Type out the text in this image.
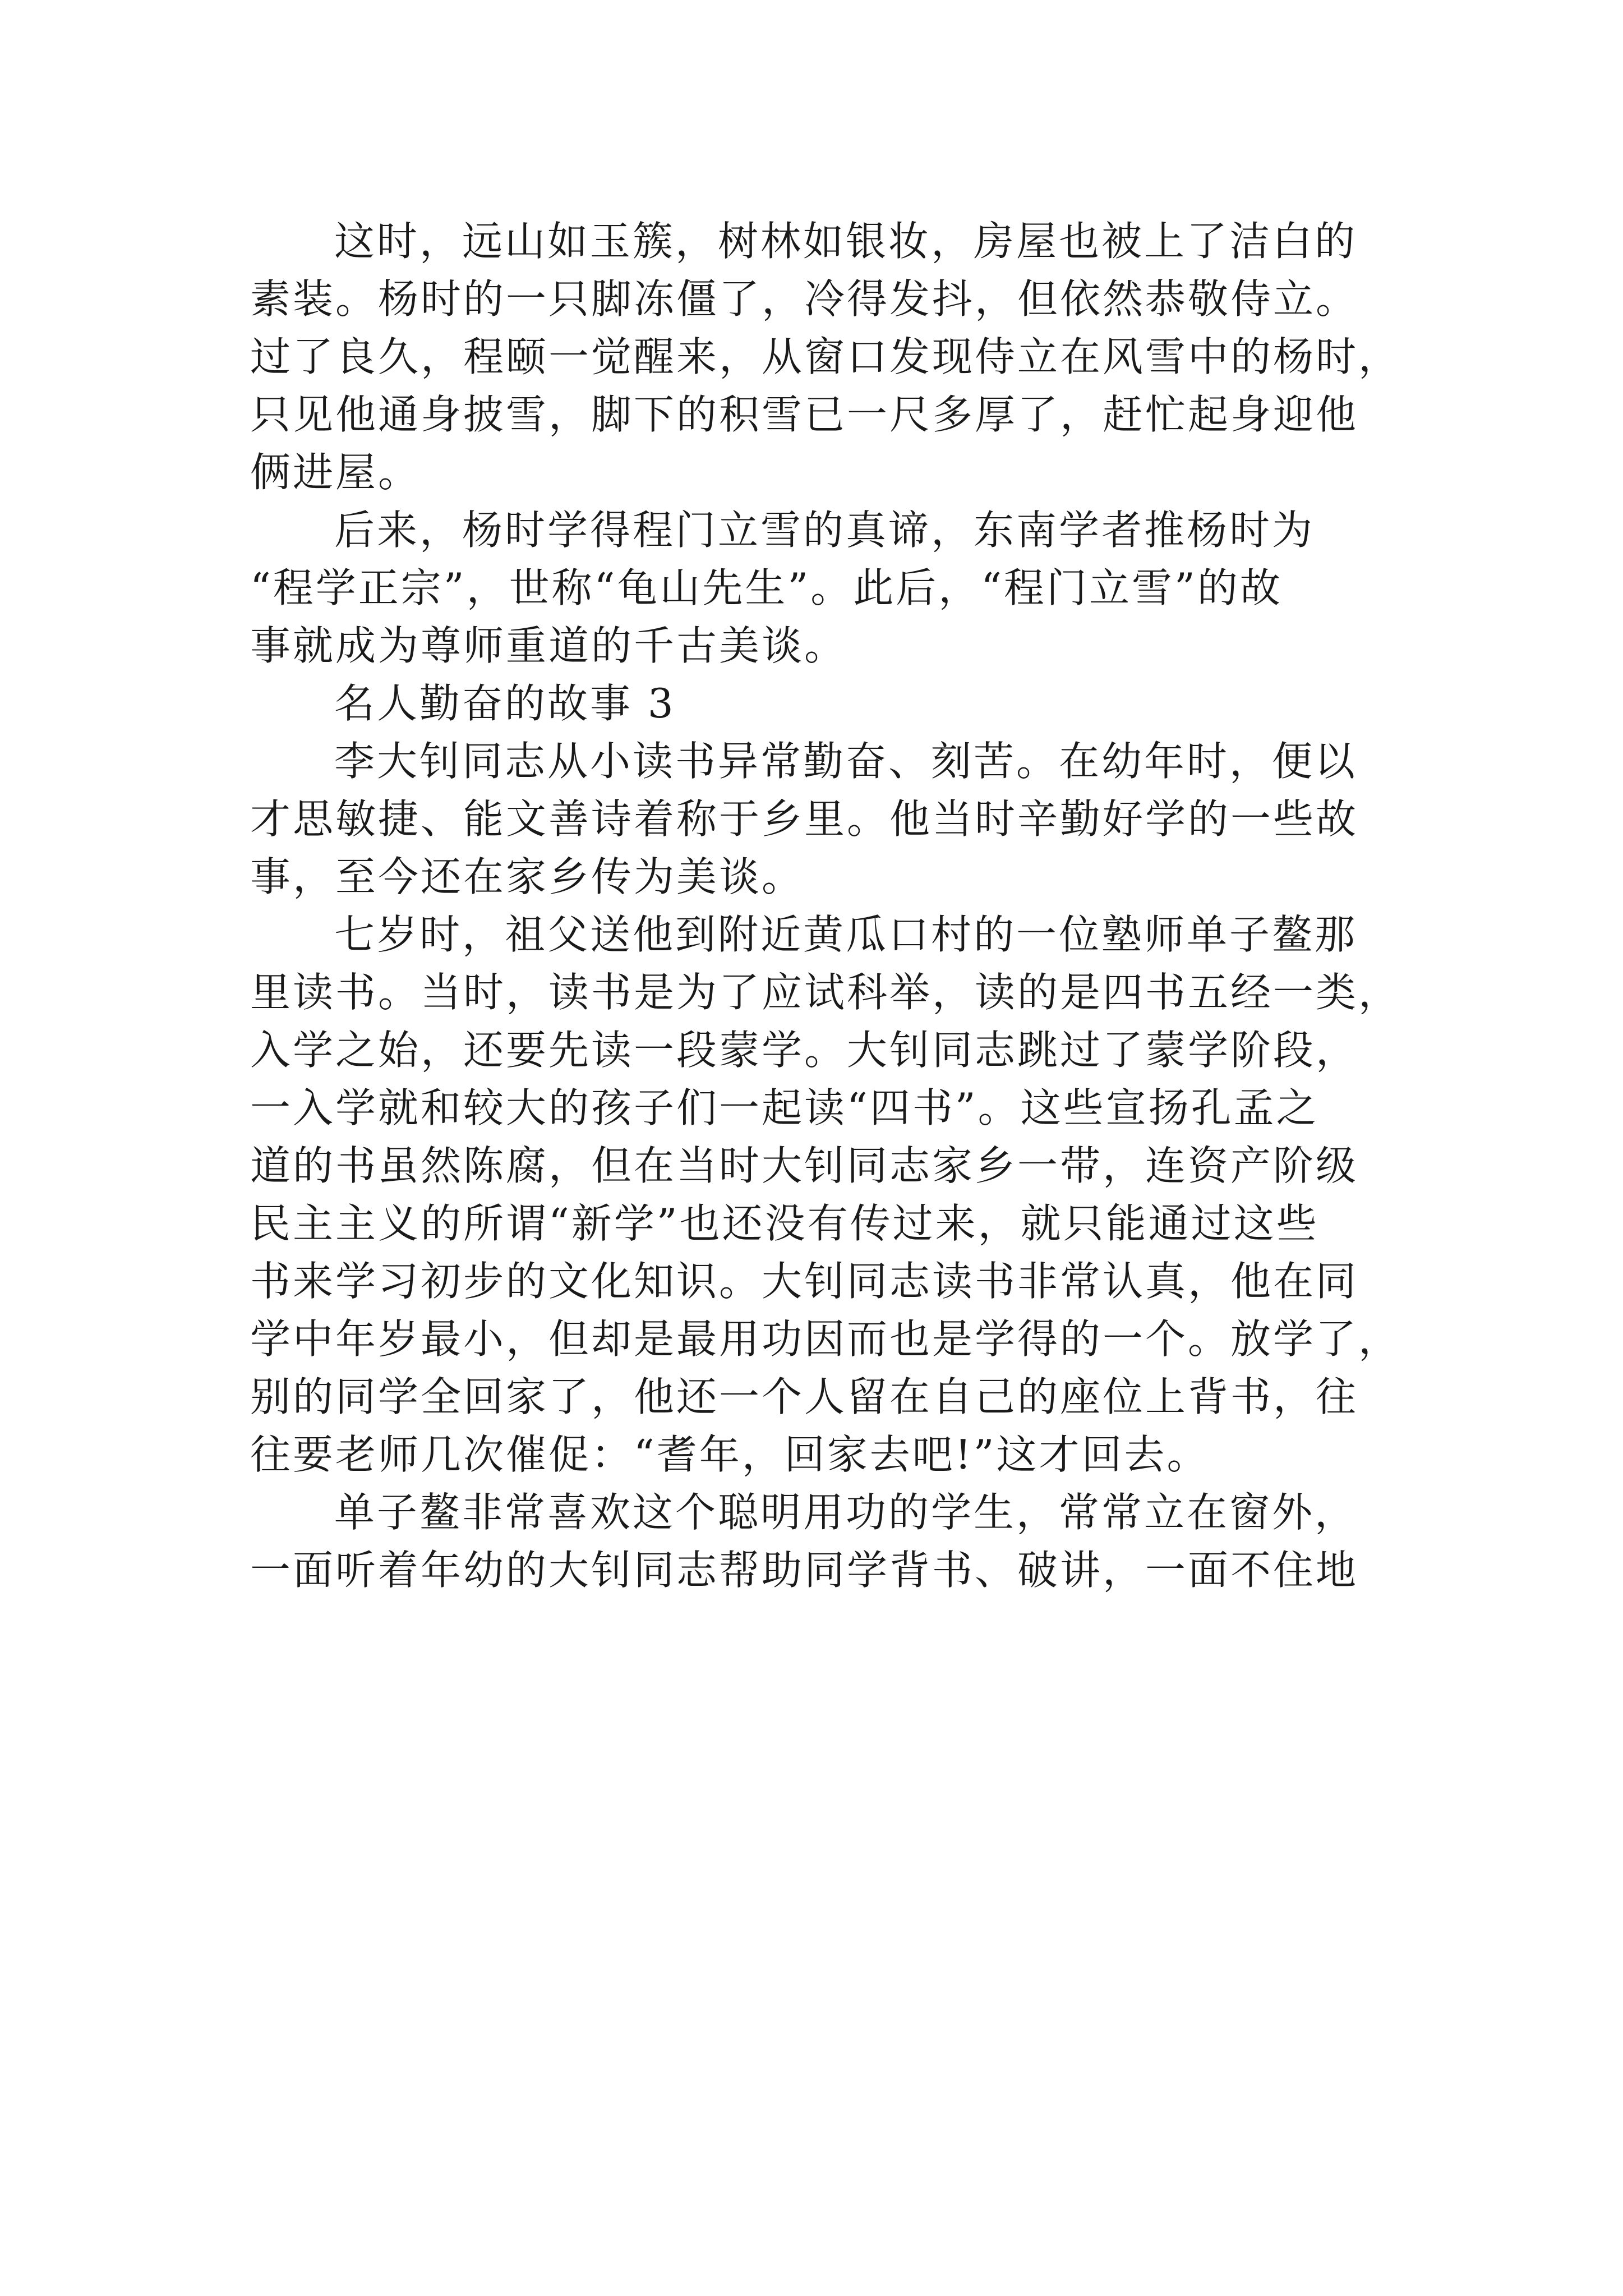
这时，远山如玉簇，树林如银妆，房屋也被上了洁白的
素装。杨时的一只脚冻僵了，冷得发抖，但依然恭敬侍立。
过了良久，程颐一觉醒来，从窗口发现侍立在风雪中的杨时，
只见他通身披雪，脚下的积雪已一尺多厚了，赶忙起身迎他
俩进屋。
后来，杨时学得程门立雪的真谛，东南学者推杨时为
“程学正宗”，世称“龟山先生”。此后，“程门立雪”的故
事就成为尊师重道的千古美谈。
名人勤奋的故事 3
李大钊同志从小读书异常勤奋、刻苦。在幼年时，便以
才思敏捷、能文善诗着称于乡里。他当时辛勤好学的一些故
事，至今还在家乡传为美谈。
七岁时，祖父送他到附近黄瓜口村的一位塾师单子鳌那
里读书。当时，读书是为了应试科举，读的是四书五经一类，
入学之始，还要先读一段蒙学。大钊同志跳过了蒙学阶段，
一入学就和较大的孩子们一起读“四书”。这些宣扬孔孟之
道的书虽然陈腐，但在当时大钊同志家乡一带，连资产阶级
民主主义的所谓“新学”也还没有传过来，就只能通过这些
书来学习初步的文化知识。大钊同志读书非常认真，他在同
学中年岁最小，但却是最用功因而也是学得的一个。放学了，
别的同学全回家了，他还一个人留在自己的座位上背书，往
往要老师几次催促：“耆年，回家去吧!”这才回去。
单子鳌非常喜欢这个聪明用功的学生，常常立在窗外，
一面听着年幼的大钊同志帮助同学背书、破讲，一面不住地
